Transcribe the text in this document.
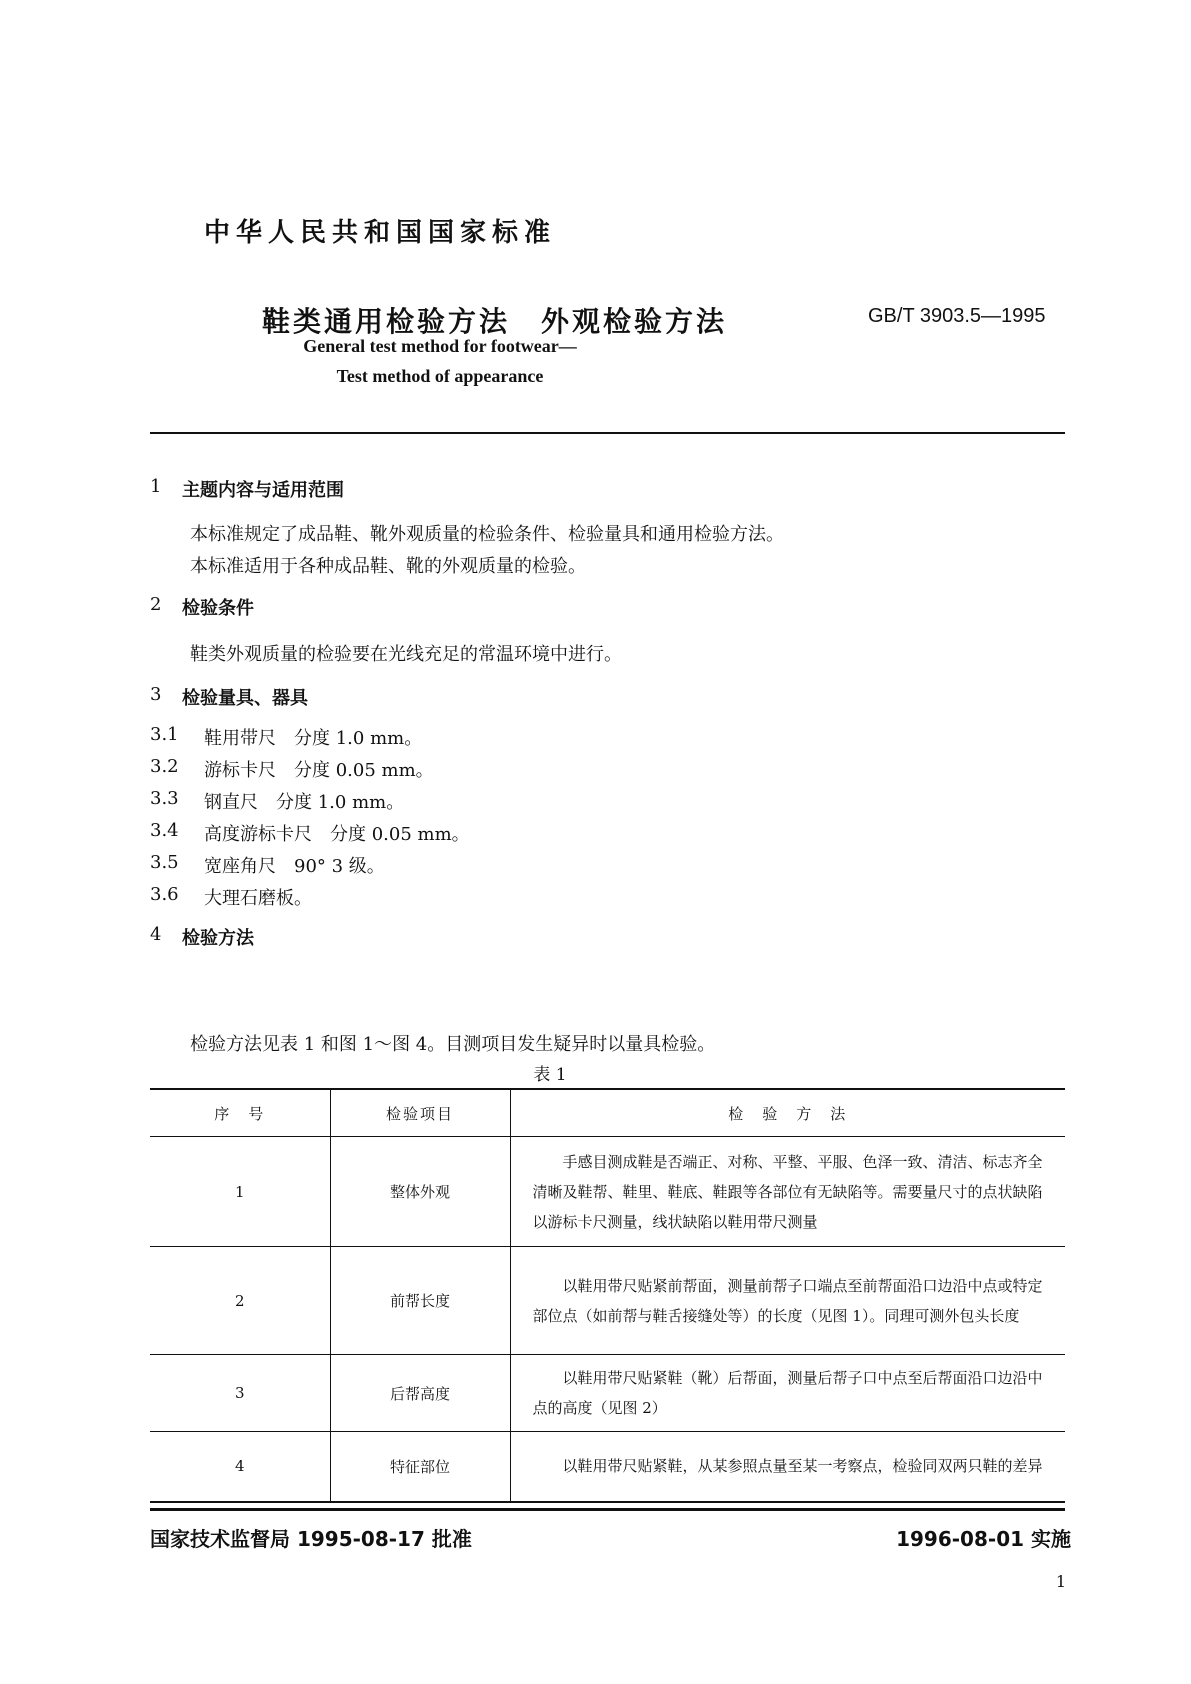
中华人民共和国国家标准
鞋类通用检验方法　外观检验方法	GB/T 3903.5—1995
General test method for footwear—
Test method of appearance
1 主题内容与适用范围
本标准规定了成品鞋、靴外观质量的检验条件、检验量具和通用检验方法。
本标准适用于各种成品鞋、靴的外观质量的检验。
2 检验条件
鞋类外观质量的检验要在光线充足的常温环境中进行。
3 检验量具、器具
3.1 鞋用带尺　分度 1.0 mm。
3.2 游标卡尺　分度 0.05 mm。
3.3 钢直尺　分度 1.0 mm。
3.4 高度游标卡尺　分度 0.05 mm。
3.5 宽座角尺　90° 3 级。
3.6 大理石磨板。
4 检验方法
检验方法见表 1 和图 1～图 4。目测项目发生疑异时以量具检验。
表 1
序　号	检验项目	检　验　方　法
1	整体外观	手感目测成鞋是否端正、对称、平整、平服、色泽一致、清洁、标志齐全清晰及鞋帮、鞋里、鞋底、鞋跟等各部位有无缺陷等。需要量尺寸的点状缺陷以游标卡尺测量，线状缺陷以鞋用带尺测量
2	前帮长度	以鞋用带尺贴紧前帮面，测量前帮子口端点至前帮面沿口边沿中点或特定部位点（如前帮与鞋舌接缝处等）的长度（见图 1）。同理可测外包头长度
3	后帮高度	以鞋用带尺贴紧鞋（靴）后帮面，测量后帮子口中点至后帮面沿口边沿中点的高度（见图 2）
4	特征部位	以鞋用带尺贴紧鞋，从某参照点量至某一考察点，检验同双两只鞋的差异
国家技术监督局 1995-08-17 批准	1996-08-01 实施
1
